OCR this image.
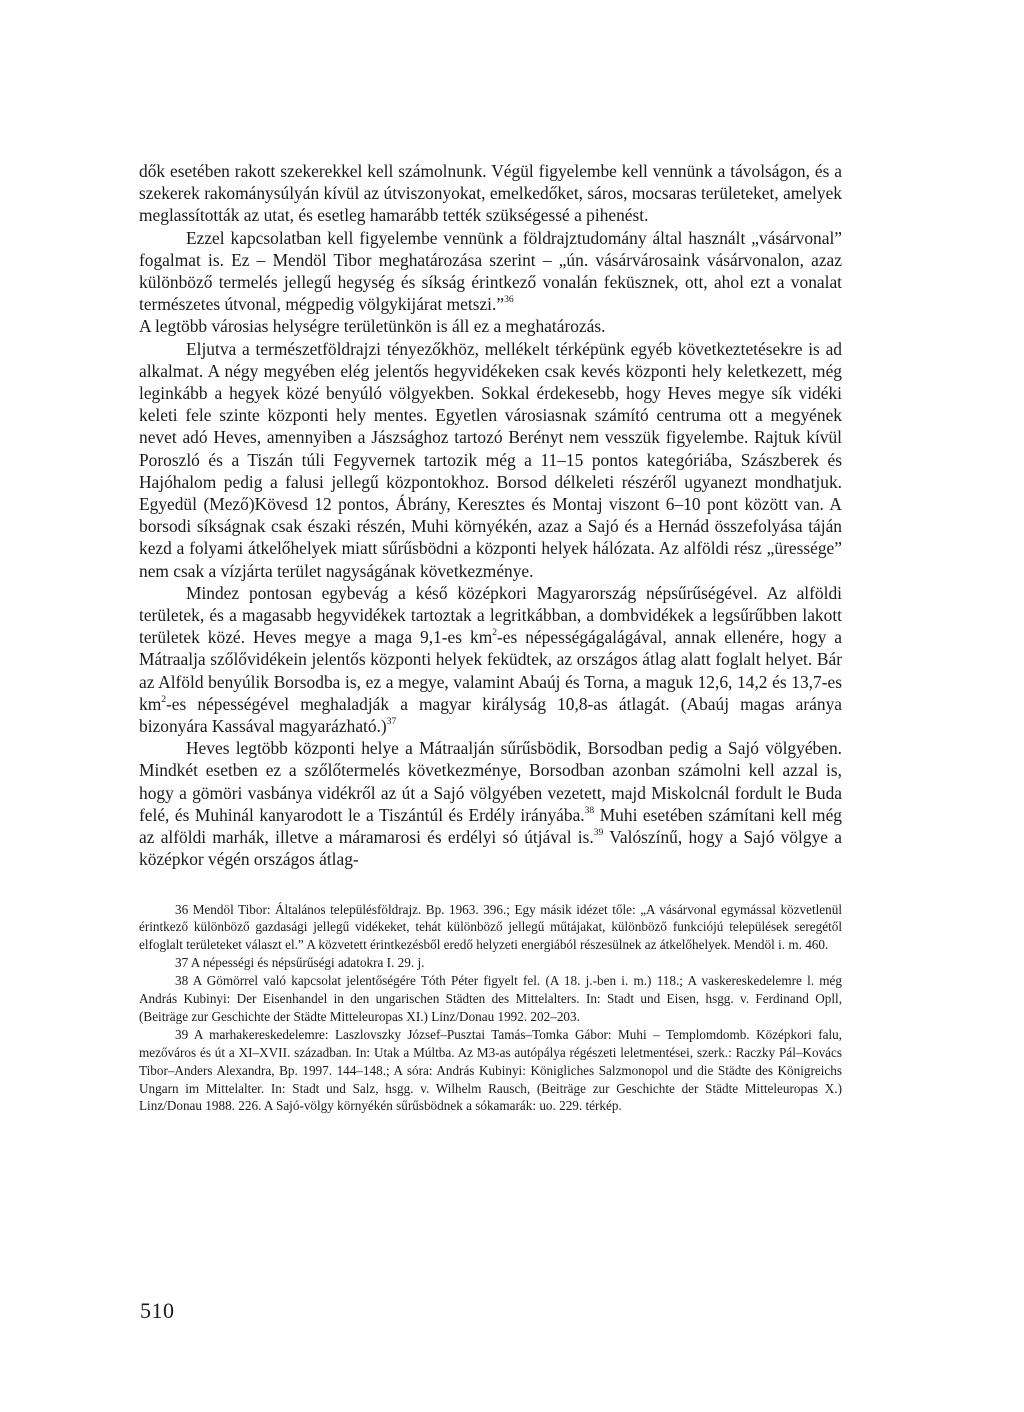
dők esetében rakott szekerekkel kell számolnunk. Végül figyelembe kell vennünk a távolságon, és a szekerek rakománysúlyán kívül az útviszonyokat, emelkedőket, sáros, mocsaras területeket, amelyek meglassították az utat, és esetleg hamarább tették szükségessé a pihenést.

Ezzel kapcsolatban kell figyelembe vennünk a földrajztudomány által használt „vásárvonal” fogalmat is. Ez – Mendöl Tibor meghatározása szerint – „ún. vásárvárosaink vásárvonalon, azaz különböző termelés jellegű hegység és síkság érintkező vonalán feküsznek, ott, ahol ezt a vonalat természetes útvonal, mégpedig völgykijárat metszi.”$^{36}$

A legtöbb városias helységre területünkön is áll ez a meghatározás.

Eljutva a természetföldrajzi tényezőkhöz, mellékelt térképünk egyéb következtetésekre is ad alkalmat. A négy megyében elég jelentős hegyvidékeken csak kevés központi hely keletkezett, még leginkább a hegyek közé benyúló völgyekben. Sokkal érdekesebb, hogy Heves megye sík vidéki keleti fele szinte központi hely mentes. Egyetlen városiasnak számító centruma ott a megyének nevet adó Heves, amennyiben a Jászsághoz tartozó Berényt nem vesszük figyelembe. Rajtuk kívül Poroszló és a Tiszán túli Fegyvernek tartozik még a 11–15 pontos kategóriába, Szászberek és Hajóhalom pedig a falusi jellegű központokhoz. Borsod délkeleti részéről ugyanezt mondhatjuk. Egyedül (Mező)Kövesd 12 pontos, Ábrány, Keresztes és Montaj viszont 6–10 pont között van. A borsodi síkságnak csak északi részén, Muhi környékén, azaz a Sajó és a Hernád összefolyása táján kezd a folyami átkelőhelyek miatt sűrűsbödni a központi helyek hálózata. Az alföldi rész „üressége” nem csak a vízjárta terület nagyságának következménye.

Mindez pontosan egybevág a késő középkori Magyarország népsűrűségével. Az alföldi területek, és a magasabb hegyvidékek tartoztak a legritkábban, a dombvidékek a legsűrűbben lakott területek közé. Heves megye a maga 9,1-es $km^2-es$ népességágalágával, annak ellenére, hogy a Mátraalja szőlővidékein jelentős központi helyek feküdtek, az országos átlag alatt foglalt helyet. Bár az Alföld benyúlik Borsodba is, ez a megye, valamint Abaúj és Torna, a maguk 12,6, 14,2 és 13,7-es $km^2-es$ népességével meghaladják a magyar királyság 10,8-as átlagát. (Abaúj magas aránya bizonyára Kassával magyarázható.)$^{37}$

Heves legtöbb központi helye a Mátraalján sűrűsbödik, Borsodban pedig a Sajó völgyében. Mindkét esetben ez a szőlőtermelés következménye, Borsodban azonban számolni kell azzal is, hogy a gömöri vasbánya vidékről az út a Sajó völgyében vezetett, majd Miskolcnál fordult le Buda felé, és Muhinál kanyarodott le a Tiszántúl és Erdély irányába.$^{38}$ Muhi esetében számítani kell még az alföldi marhák, illetve a máramarosi és erdélyi só útjával is.$^{39}$ Valószínű, hogy a Sajó völgye a középkor végén országos átlag-

36 Mendöl Tibor: Általános településföldrajz. Bp. 1963. 396.; Egy másik idézet tőle: „A vásárvonal egymással közvetlenül érintkező különböző gazdasági jellegű vidékeket, tehát különböző jellegű műtájakat, különböző funkciójú települések seregétől elfoglalt területeket választ el.” A közvetett érintkezésből eredő helyzeti energiából részesülnek az átkelőhelyek. Mendöl i. m. 460.

37 A népességi és népsűrűségi adatokra I. 29. j.

38 A Gömörrel való kapcsolat jelentőségére Tóth Péter figyelt fel. (A 18. j.-ben i. m.) 118.; A vaskereskedelemre l. még András Kubinyi: Der Eisenhandel in den ungarischen Städten des Mittelalters. In: Stadt und Eisen, hsgg. v. Ferdinand Opll, (Beiträge zur Geschichte der Städte Mitteleuropas XI.) Linz/Donau 1992. 202–203.

39 A marhakereskedelemre: Laszlovszky József–Pusztai Tamás–Tomka Gábor: Muhi – Templomdomb. Középkori falu, mezőváros és út a XI–XVII. században. In: Utak a Múltba. Az M3-as autópálya régészeti leletmentései, szerk.: Raczky Pál–Kovács Tibor–Anders Alexandra, Bp. 1997. 144–148.; A sóra: András Kubinyi: Königliches Salzmonopol und die Städte des Königreichs Ungarn im Mittelalter. In: Stadt und Salz, hsgg. v. Wilhelm Rausch, (Beiträge zur Geschichte der Städte Mitteleuropas X.) Linz/Donau 1988. 226. A Sajó-völgy környékén sűrűsbödnek a sókamarák: uo. 229. térkép.

510
